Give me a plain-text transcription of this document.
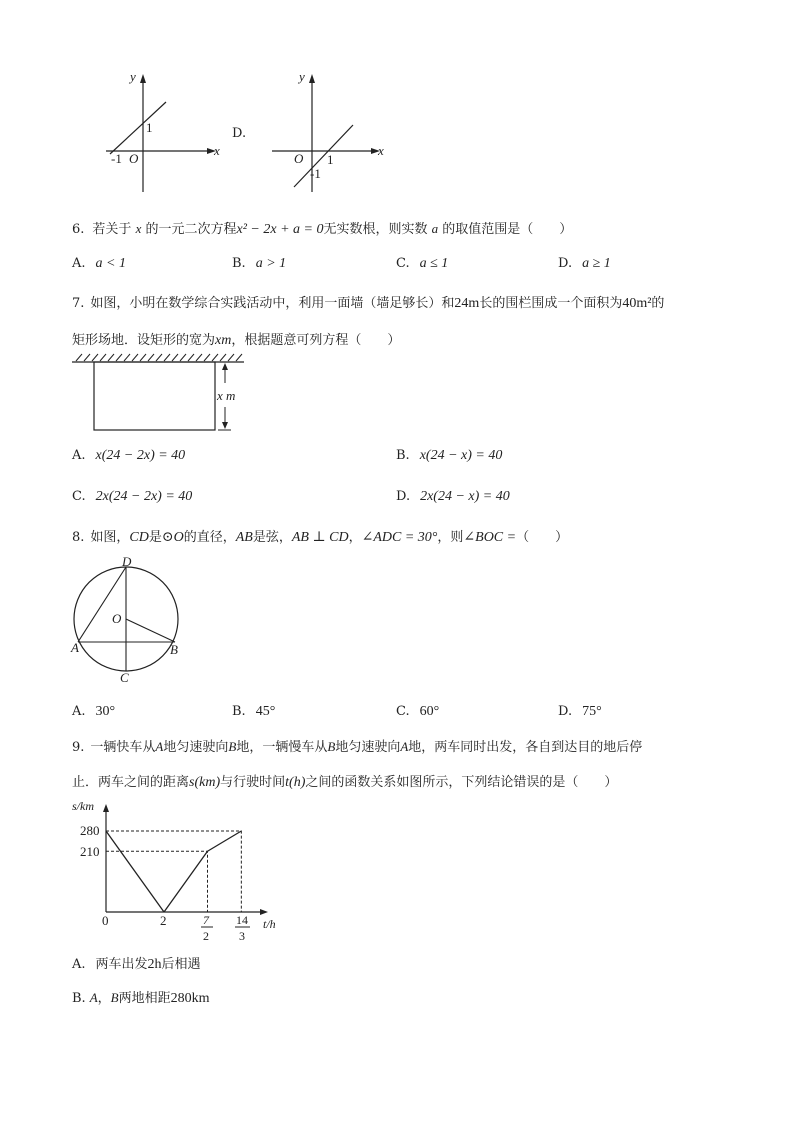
y
x
1
-1 O
D.
y
x
1
-1
O
6. 若关于 x 的一元二次方程x² − 2x + a = 0无实数根，则实数 a 的取值范围是（　　）
A. a < 1	B. a > 1	C. a ≤ 1	D. a ≥ 1
7. 如图，小明在数学综合实践活动中，利用一面墙（墙足够长）和24m长的围栏围成一个面积为40m²的
矩形场地．设矩形的宽为xm，根据题意可列方程（　　）
x m
A. x(24 − 2x) = 40	B. x(24 − x) = 40
C. 2x(24 − 2x) = 40	D. 2x(24 − x) = 40
8. 如图，CD是⊙O的直径，AB是弦，AB ⊥ CD，∠ADC = 30°，则∠BOC =（　　）
D
O
A	B
C
A. 30°	B. 45°	C. 60°	D. 75°
9. 一辆快车从A地匀速驶向B地，一辆慢车从B地匀速驶向A地，两车同时出发，各自到达目的地后停
止．两车之间的距离s(km)与行驶时间t(h)之间的函数关系如图所示，下列结论错误的是（　　）
s/km
t/h
280
210
0	2	7
2
14
3
A. 两车出发2h后相遇
B. A，B两地相距280km
